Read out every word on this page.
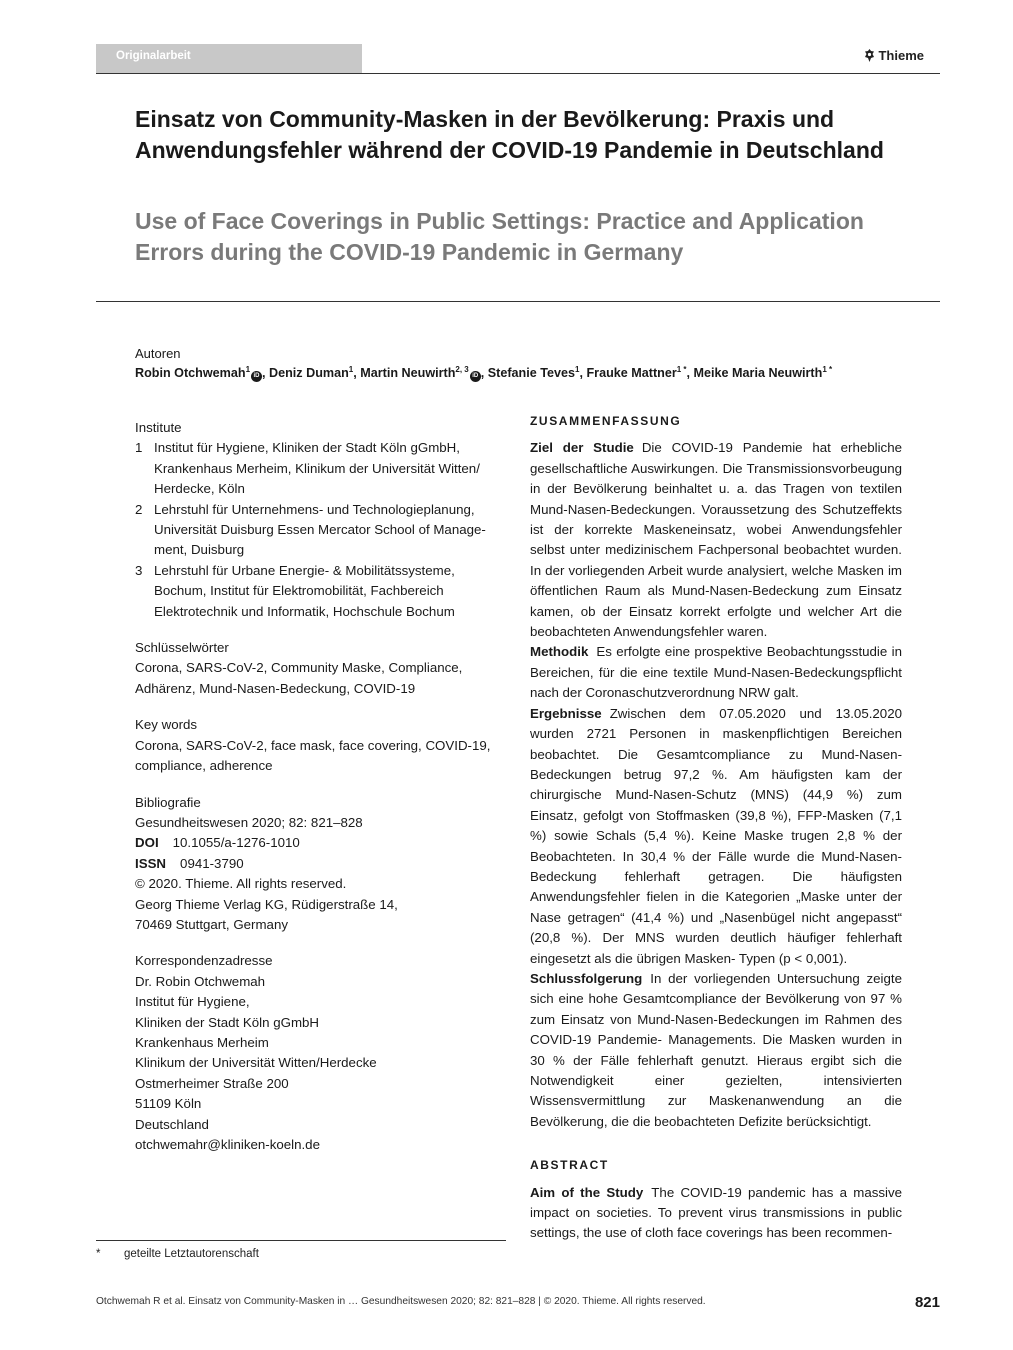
Originalarbeit	Thieme
Einsatz von Community-Masken in der Bevölkerung: Praxis und Anwendungsfehler während der COVID-19 Pandemie in Deutschland
Use of Face Coverings in Public Settings: Practice and Application Errors during the COVID-19 Pandemic in Germany
Autoren
Robin Otchwemah$^1$iD , Deniz Duman$^1$, Martin Neuwirth$^{2, 3}$iD , Stefanie Teves$^1$, Frauke Mattner$^{1 *}$, Meike Maria Neuwirth$^{1 *}$

Institute

1 Institut für Hygiene, Kliniken der Stadt Köln gGmbH,
Krankenhaus Merheim, Klinikum der Universität Witten/
Herdecke, Köln
2 Lehrstuhl für Unternehmens- und Technologieplanung,
Universität Duisburg Essen Mercator School of Manage-
ment, Duisburg
3 Lehrstuhl für Urbane Energie- & Mobilitätssysteme,
Bochum, Institut für Elektromobilität, Fachbereich
Elektrotechnik und Informatik, Hochschule Bochum

Schlüsselwörter

Corona, SARS-CoV-2, Community Maske, Compliance,

Adhärenz, Mund-Nasen-Bedeckung, COVID-19

Key words

Corona, SARS-CoV-2, face mask, face covering, COVID-19,

compliance, adherence

Bibliografie

Gesundheitswesen 2020; 82: 821–828

DOI 10.1055/a-1276-1010

ISSN 0941-3790

© 2020. Thieme. All rights reserved.

Georg Thieme Verlag KG, Rüdigerstraße 14,

70469 Stuttgart, Germany

Korrespondenzadresse

Dr. Robin Otchwemah

Institut für Hygiene,

Kliniken der Stadt Köln gGmbH

Krankenhaus Merheim

Klinikum der Universität Witten/Herdecke

Ostmerheimer Straße 200

51109 Köln

Deutschland

otchwemahr@kliniken-koeln.de

ZUSAMMENFASSUNG

Ziel der Studie Die COVID-19 Pandemie hat erhebliche gesellschaftliche Auswirkungen. Die Transmissionsvorbeugung in der Bevölkerung beinhaltet u. a. das Tragen von textilen Mund-Nasen-Bedeckungen. Voraussetzung des Schutzeffekts ist der korrekte Maskeneinsatz, wobei Anwendungsfehler selbst unter medizinischem Fachpersonal beobachtet wurden. In der vorliegenden Arbeit wurde analysiert, welche Masken im öffentlichen Raum als Mund-Nasen-Bedeckung zum Einsatz kamen, ob der Einsatz korrekt erfolgte und welcher Art die beobachteten Anwendungsfehler waren.

Methodik Es erfolgte eine prospektive Beobachtungsstudie in Bereichen, für die eine textile Mund-Nasen-Bedeckungspflicht nach der Coronaschutzverordnung NRW galt.

Ergebnisse Zwischen dem 07.05.2020 und 13.05.2020 wurden 2721 Personen in maskenpflichtigen Bereichen beobachtet. Die Gesamtcompliance zu Mund-Nasen-Bedeckungen betrug 97,2 %. Am häufigsten kam der chirurgische Mund-Nasen-Schutz (MNS) (44,9 %) zum Einsatz, gefolgt von Stoffmasken (39,8 %), FFP-Masken (7,1 %) sowie Schals (5,4 %). Keine Maske trugen 2,8 % der Beobachteten. In 30,4 % der Fälle wurde die Mund-Nasen-Bedeckung fehlerhaft getragen. Die häufigsten Anwendungsfehler fielen in die Kategorien „Maske unter der Nase getragen“ (41,4 %) und „Nasenbügel nicht angepasst“ (20,8 %). Der MNS wurden deutlich häufiger fehlerhaft eingesetzt als die übrigen Masken- Typen (p < 0,001).

Schlussfolgerung In der vorliegenden Untersuchung zeigte sich eine hohe Gesamtcompliance der Bevölkerung von 97 % zum Einsatz von Mund-Nasen-Bedeckungen im Rahmen des COVID-19 Pandemie- Managements. Die Masken wurden in 30 % der Fälle fehlerhaft genutzt. Hieraus ergibt sich die Notwendigkeit einer gezielten, intensivierten Wissensvermittlung zur Maskenanwendung an die Bevölkerung, die die beobachteten Defizite berücksichtigt.

ABSTRACT

Aim of the Study The COVID-19 pandemic has a massive impact on societies. To prevent virus transmissions in public settings, the use of cloth face coverings has been recommen-

* geteilte Letztautorenschaft
Otchwemah R et al. Einsatz von Community-Masken in … Gesundheitswesen 2020; 82: 821–828 | © 2020. Thieme. All rights reserved.	821
